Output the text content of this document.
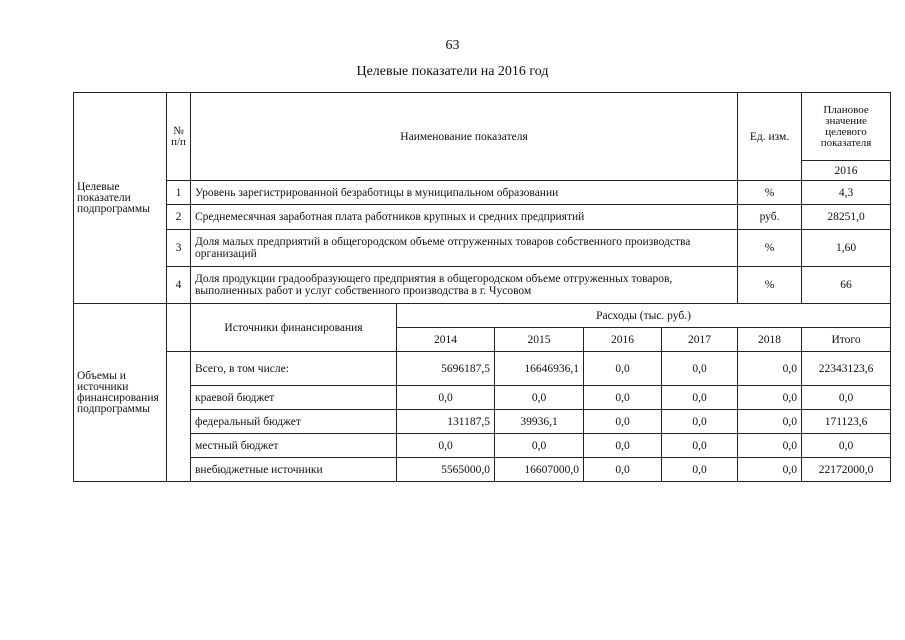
63
Целевые показатели на 2016 год
Целевые показатели подпрограммы	№ п/п	Наименование показателя					Ед. изм.	Плановое значение целевого показателя
								2016
	1	Уровень зарегистрированной безработицы в муниципальном образовании					%	4,3
	2	Среднемесячная заработная плата работников крупных и средних предприятий					руб.	28251,0
	3	Доля малых предприятий в общегородском объеме отгруженных товаров собственного производства организаций					%	1,60
	4	Доля продукции градообразующего предприятия в общегородском объеме отгруженных товаров, выполненных работ и услуг собственного производства в г. Чусовом					%	66
Объемы и источники финансирования подпрограммы		Источники финансирования	Расходы (тыс. руб.)					
			2014	2015	2016	2017	2018	Итого
		Всего, в том числе:	5696187,5	16646936,1	0,0	0,0	0,0	22343123,6
		краевой бюджет	0,0	0,0	0,0	0,0	0,0	0,0
		федеральный бюджет	131187,5	39936,1	0,0	0,0	0,0	171123,6
		местный бюджет	0,0	0,0	0,0	0,0	0,0	0,0
		внебюджетные источники	5565000,0	16607000,0	0,0	0,0	0,0	22172000,0
